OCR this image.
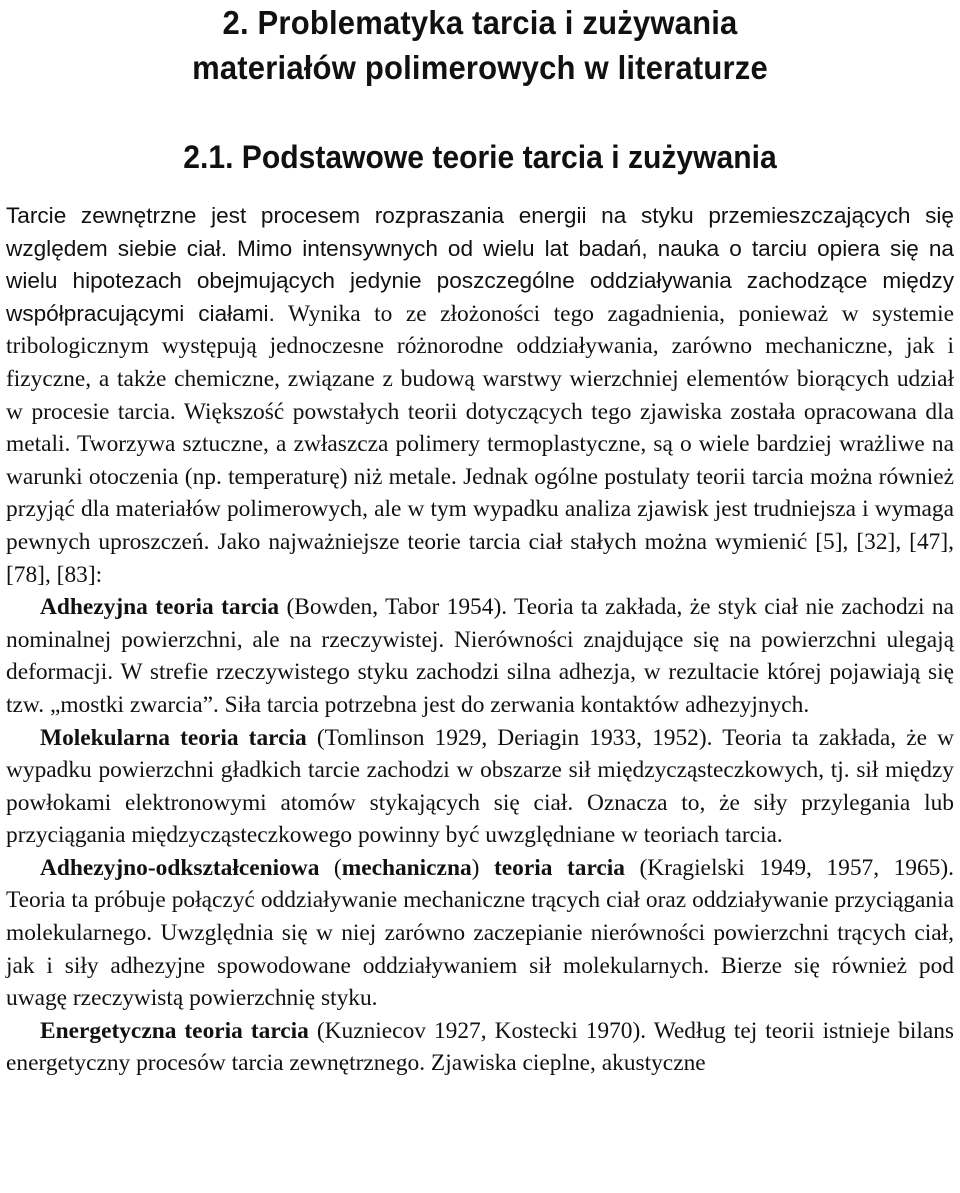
2. Problematyka tarcia i zużywania
materiałów polimerowych w literaturze
2.1. Podstawowe teorie tarcia i zużywania

Tarcie zewnętrzne jest procesem rozpraszania energii na styku przemieszczających się względem siebie ciał. Mimo intensywnych od wielu lat badań, nauka o tarciu opiera się na wielu hipotezach obejmujących jedynie poszczególne oddziaływania zachodzące między współpracującymi ciałami. Wynika to ze złożoności tego zagadnienia, ponieważ w systemie tribologicznym występują jednoczesne różnorodne oddziaływania, zarówno mechaniczne, jak i fizyczne, a także chemiczne, związane z budową warstwy wierzchniej elementów biorących udział w procesie tarcia. Większość powstałych teorii dotyczących tego zjawiska została opracowana dla metali. Tworzywa sztuczne, a zwłaszcza polimery termoplastyczne, są o wiele bardziej wrażliwe na warunki otoczenia (np. temperaturę) niż metale. Jednak ogólne postulaty teorii tarcia można również przyjąć dla materiałów polimerowych, ale w tym wypadku analiza zjawisk jest trudniejsza i wymaga pewnych uproszczeń. Jako najważniejsze teorie tarcia ciał stałych można wymienić [5], [32], [47], [78], [83]:

Adhezyjna teoria tarcia (Bowden, Tabor 1954). Teoria ta zakłada, że styk ciał nie zachodzi na nominalnej powierzchni, ale na rzeczywistej. Nierówności znajdujące się na powierzchni ulegają deformacji. W strefie rzeczywistego styku zachodzi silna adhezja, w rezultacie której pojawiają się tzw. „mostki zwarcia”. Siła tarcia potrzebna jest do zerwania kontaktów adhezyjnych.

Molekularna teoria tarcia (Tomlinson 1929, Deriagin 1933, 1952). Teoria ta zakłada, że w wypadku powierzchni gładkich tarcie zachodzi w obszarze sił międzycząsteczkowych, tj. sił między powłokami elektronowymi atomów stykających się ciał. Oznacza to, że siły przylegania lub przyciągania międzycząsteczkowego powinny być uwzględniane w teoriach tarcia.

Adhezyjno-odkształceniowa (mechaniczna) teoria tarcia (Kragielski 1949, 1957, 1965). Teoria ta próbuje połączyć oddziaływanie mechaniczne trących ciał oraz oddziaływanie przyciągania molekularnego. Uwzględnia się w niej zarówno zaczepianie nierówności powierzchni trących ciał, jak i siły adhezyjne spowodowane oddziaływaniem sił molekularnych. Bierze się również pod uwagę rzeczywistą powierzchnię styku.

Energetyczna teoria tarcia (Kuzniecov 1927, Kostecki 1970). Według tej teorii istnieje bilans energetyczny procesów tarcia zewnętrznego. Zjawiska cieplne, akustyczne
